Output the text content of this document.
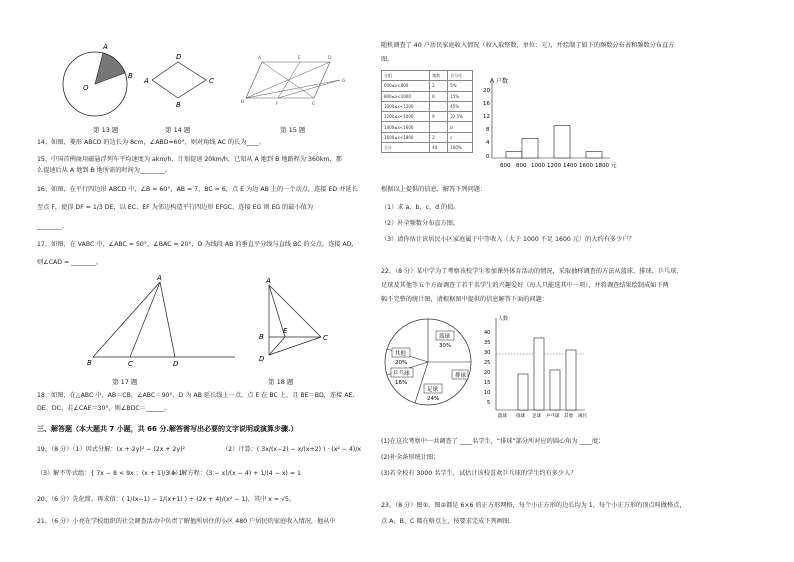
A
B
O
A
D
C
B	B
A	E	D
G
C
F
第 13 题	第 14 题	第 15 题
14、如图，菱形 ABCD 的边长为 8cm，∠ABD=60°，则对角线 AC 的长为____。
15、中国首例商用磁悬浮列车平均速度为 akm/h，计划提速 20km/h，已知从 A 地到 B 地路程为 360km，那
么提速后从 A 地到 B 地所需的时间为________。
16、如图，在平行四边形 ABCD 中，∠B = 60°，AB = 7，BC = 6，点 E 为边 AB 上的一个动点，连接 ED 并延长
至点 F，使得 DF = 1/3 DE，以 EC、EF 为邻边构造平行四边形 EFGC，连接 EG 则 EG 的最小值为
________。
17、如图，在 VABC 中，∠ABC = 50°，∠BAC = 20°，D 为线段 AB 的垂直平分线与直线 BC 的交点，连接 AD，
则∠CAD = ________。
A
B	C	D
A
B
E
C
D
第 17 题	第 18 题
18、如图，在△ABC 中，AB＝CB，∠ABC＝90°，D 为 AB 延长线上一点，点 E 在 BC 上，且 BE＝BD，连接 AE、
DE、DC，若∠CAE＝30°，则∠BDC＝______。
三、解答题（本大题共 7 小题，共 66 分.解答需写出必要的文字说明或演算步骤.）
19、（8 分）（1）因式分解：(x + 2y)² − (2x + 2y)²	（2）计算：( 3x/(x−2) − x/(x+2) ) · (x² − 4)/x
（3）解不等式组：{ 7x − 8 < 9x ；(x + 1)/3 > 1
（4）解方程：(3 − x)/(x − 4) + 1/(4 − x) = 1
20、（6 分）先化简，再求值：( 1/(x−1) − 1/(x+1) ) ÷ (2x + 4)/(x² − 1)，其中 x = √5。
21、（6 分）小亮在学校组织的社会调查活动中负责了解他所居住的小区 480 户居民的家庭收入情况，他从中
随机调查了 40 户居民家庭收入情况（收入取整数，单位：元），并绘制了如下的频数分布表和频数分布直方
图。
分组	频数	百分比
600≤x<800	2	5%
800≤x<1000	6	15%
1000≤x<1200		45%
1200≤x<1400	9	22.5%
1400≤x<1600		b
1600≤x<1800	2	c
合计	40	100%
户数
20
16
12
8
4
0
600 800 1000 1200 1400 1600 1800 元
根据以上提供的信息，解答下列问题：
（1）求 a、b、c、d 的值。
（2）补全频数分布直方图。
（3）请你估计该居民小区家庭属于中等收入（大于 1000 不足 1600 元）的大约有多少户？
22、（8 分）某中学为了考察该校学生参加课外体育活动的情况，采取抽样调查的方法从篮球、排球、乒乓球、
足球及其他等五个方面调查了若干名学生的兴趣爱好（每人只能选其中一项），并将调查结果绘制成如下两
幅不完整的统计图，请根据图中提供的信息解答下面的问题：
篮球
30%
排球
足球
24%
乒乓球
16%
其他
20%
人数
40
35
30
25
20
15
10
5
篮球 排球 足球 乒乓球 其他 项目
(1)在这次考察中一共调查了 ____名学生，“排球”部分所对应的圆心角为 ____度；
(2)补全条形统计图；
(3)若全校有 3000 名学生，试估计该校喜欢乒乓球的学生约有多少人？
23、（8 分）图①、图②都是 6×6 的正方形网格，每个小正方形的边长均为 1，每个小正方形的顶点叫做格点，
点 A、B、C 都在格点上，按要求完成下列画图.
